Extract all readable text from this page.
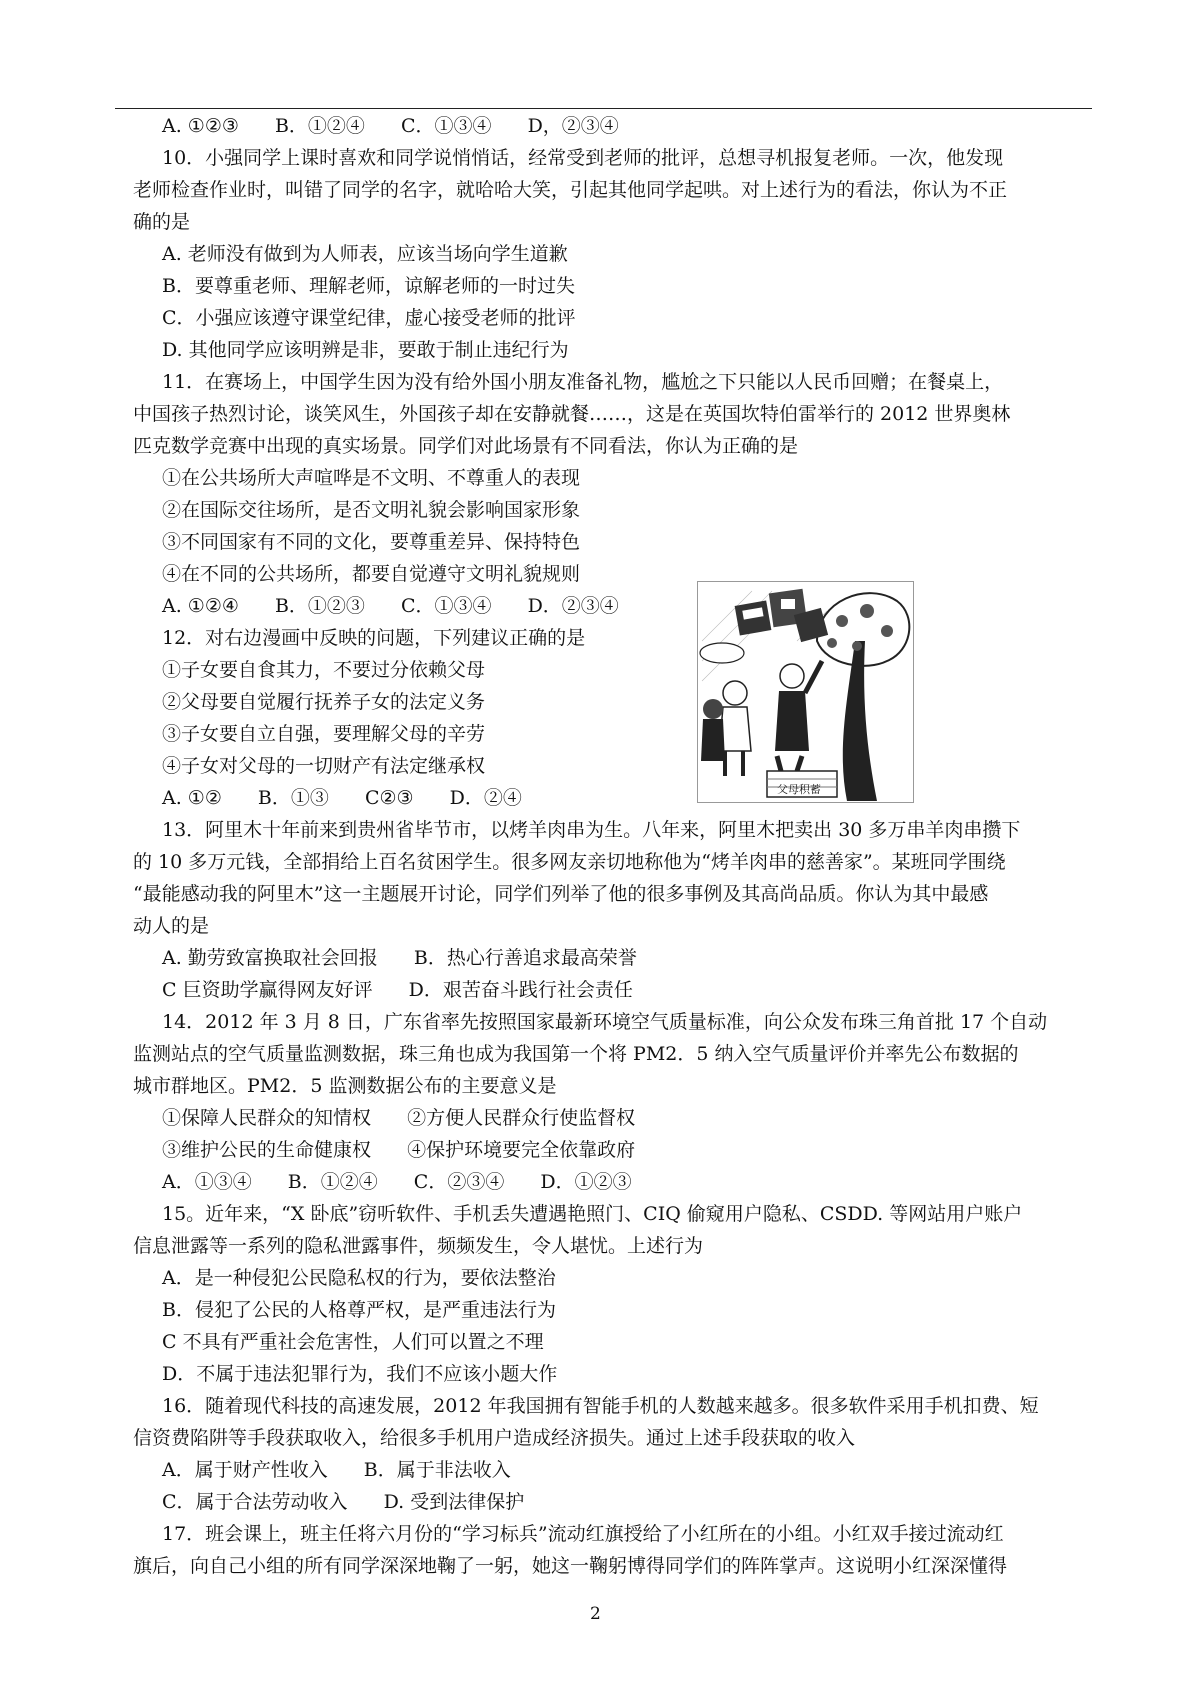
A. ①②③ B．①②④ C．①③④ D，②③④
10．小强同学上课时喜欢和同学说悄悄话，经常受到老师的批评，总想寻机报复老师。一次，他发现
老师检查作业时，叫错了同学的名字，就哈哈大笑，引起其他同学起哄。对上述行为的看法，你认为不正
确的是
A. 老师没有做到为人师表，应该当场向学生道歉
B．要尊重老师、理解老师，谅解老师的一时过失
C．小强应该遵守课堂纪律，虚心接受老师的批评
D. 其他同学应该明辨是非，要敢于制止违纪行为
11．在赛场上，中国学生因为没有给外国小朋友准备礼物，尴尬之下只能以人民币回赠；在餐桌上，
中国孩子热烈讨论，谈笑风生，外国孩子却在安静就餐……，这是在英国坎特伯雷举行的 2012 世界奥林
匹克数学竞赛中出现的真实场景。同学们对此场景有不同看法，你认为正确的是
①在公共场所大声喧哗是不文明、不尊重人的表现
②在国际交往场所，是否文明礼貌会影响国家形象
③不同国家有不同的文化，要尊重差异、保持特色
④在不同的公共场所，都要自觉遵守文明礼貌规则
A. ①②④ B．①②③ C．①③④ D．②③④
12．对右边漫画中反映的问题，下列建议正确的是
①子女要自食其力，不要过分依赖父母
②父母要自觉履行抚养子女的法定义务
③子女要自立自强，要理解父母的辛劳
④子女对父母的一切财产有法定继承权
A. ①② B．①③ C②③ D．②④	父母积蓄
13．阿里木十年前来到贵州省毕节市，以烤羊肉串为生。八年来，阿里木把卖出 30 多万串羊肉串攒下
的 10 多万元钱，全部捐给上百名贫困学生。很多网友亲切地称他为“烤羊肉串的慈善家”。某班同学围绕
“最能感动我的阿里木”这一主题展开讨论，同学们列举了他的很多事例及其高尚品质。你认为其中最感
动人的是
A. 勤劳致富换取社会回报 B．热心行善追求最高荣誉
C 巨资助学赢得网友好评 D．艰苦奋斗践行社会责任
14．2012 年 3 月 8 日，广东省率先按照国家最新环境空气质量标准，向公众发布珠三角首批 17 个自动
监测站点的空气质量监测数据，珠三角也成为我国第一个将 PM2．5 纳入空气质量评价并率先公布数据的
城市群地区。PM2．5 监测数据公布的主要意义是
①保障人民群众的知情权 ②方便人民群众行使监督权
③维护公民的生命健康权 ④保护环境要完全依靠政府
A．①③④ B．①②④ C．②③④ D．①②③
15。近年来，“X 卧底”窃听软件、手机丢失遭遇艳照门、CIQ 偷窥用户隐私、CSDD. 等网站用户账户
信息泄露等一系列的隐私泄露事件，频频发生，令人堪忧。上述行为
A．是一种侵犯公民隐私权的行为，要依法整治
B．侵犯了公民的人格尊严权，是严重违法行为
C 不具有严重社会危害性，人们可以置之不理
D．不属于违法犯罪行为，我们不应该小题大作
16．随着现代科技的高速发展，2012 年我国拥有智能手机的人数越来越多。很多软件采用手机扣费、短
信资费陷阱等手段获取收入，给很多手机用户造成经济损失。通过上述手段获取的收入
A．属于财产性收入 B．属于非法收入
C．属于合法劳动收入 D. 受到法律保护
17．班会课上，班主任将六月份的“学习标兵”流动红旗授给了小红所在的小组。小红双手接过流动红
旗后，向自己小组的所有同学深深地鞠了一躬，她这一鞠躬博得同学们的阵阵掌声。这说明小红深深懂得
2
